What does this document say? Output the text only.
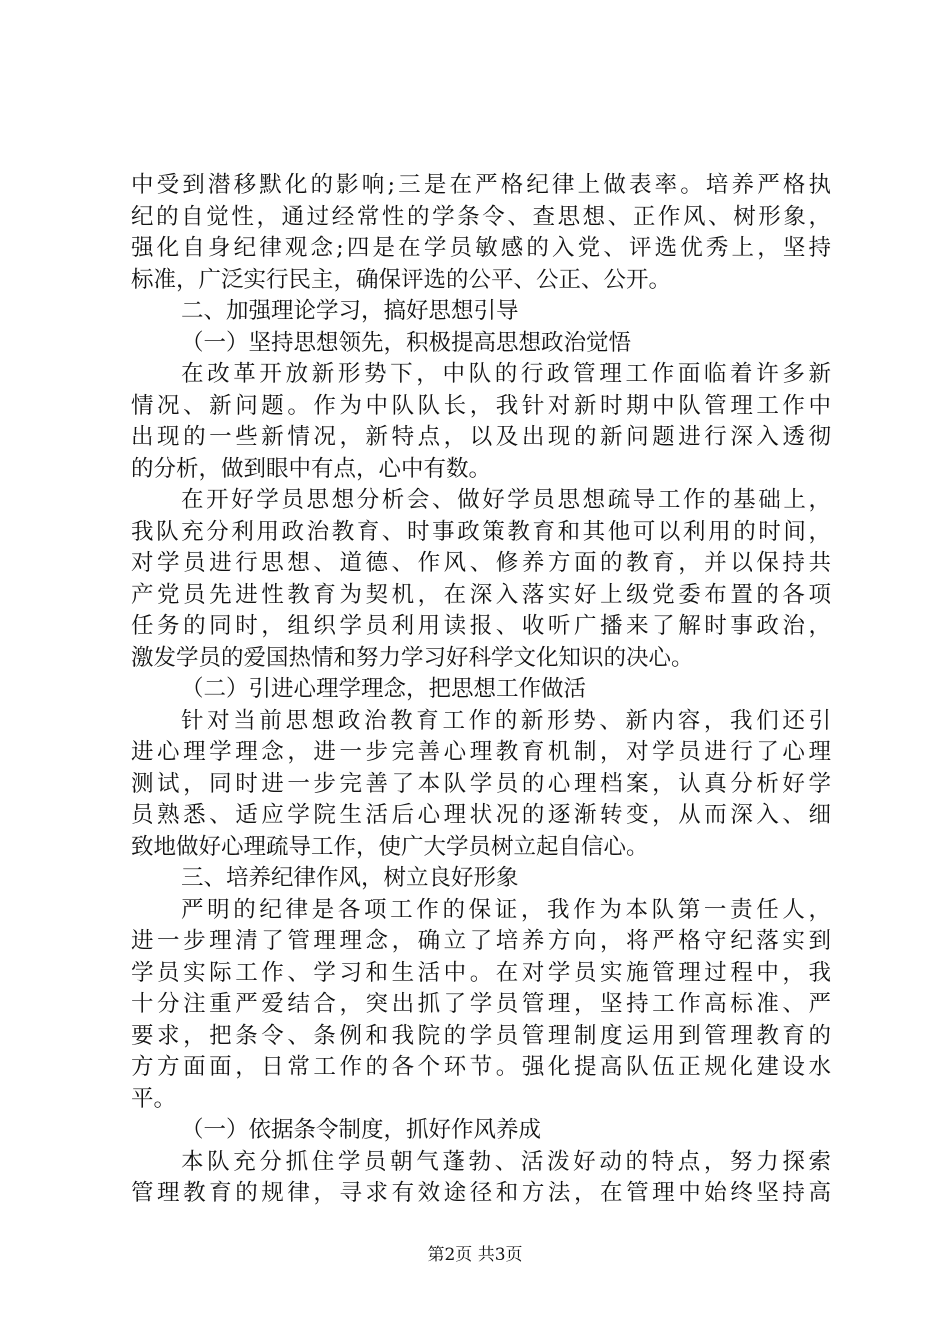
中受到潜移默化的影响;三是在严格纪律上做表率。培养严格执
纪的自觉性，通过经常性的学条令、查思想、正作风、树形象，
强化自身纪律观念;四是在学员敏感的入党、评选优秀上，坚持
标准，广泛实行民主，确保评选的公平、公正、公开。
二、加强理论学习，搞好思想引导
（一）坚持思想领先，积极提高思想政治觉悟
在改革开放新形势下，中队的行政管理工作面临着许多新
情况、新问题。作为中队队长，我针对新时期中队管理工作中
出现的一些新情况，新特点，以及出现的新问题进行深入透彻
的分析，做到眼中有点，心中有数。
在开好学员思想分析会、做好学员思想疏导工作的基础上，
我队充分利用政治教育、时事政策教育和其他可以利用的时间，
对学员进行思想、道德、作风、修养方面的教育，并以保持共
产党员先进性教育为契机，在深入落实好上级党委布置的各项
任务的同时，组织学员利用读报、收听广播来了解时事政治，
激发学员的爱国热情和努力学习好科学文化知识的决心。
（二）引进心理学理念，把思想工作做活
针对当前思想政治教育工作的新形势、新内容，我们还引
进心理学理念，进一步完善心理教育机制，对学员进行了心理
测试，同时进一步完善了本队学员的心理档案，认真分析好学
员熟悉、适应学院生活后心理状况的逐渐转变，从而深入、细
致地做好心理疏导工作，使广大学员树立起自信心。
三、培养纪律作风，树立良好形象
严明的纪律是各项工作的保证，我作为本队第一责任人，
进一步理清了管理理念，确立了培养方向，将严格守纪落实到
学员实际工作、学习和生活中。在对学员实施管理过程中，我
十分注重严爱结合，突出抓了学员管理，坚持工作高标准、严
要求，把条令、条例和我院的学员管理制度运用到管理教育的
方方面面，日常工作的各个环节。强化提高队伍正规化建设水
平。
（一）依据条令制度，抓好作风养成
本队充分抓住学员朝气蓬勃、活泼好动的特点，努力探索
管理教育的规律，寻求有效途径和方法，在管理中始终坚持高
第2页 共3页
